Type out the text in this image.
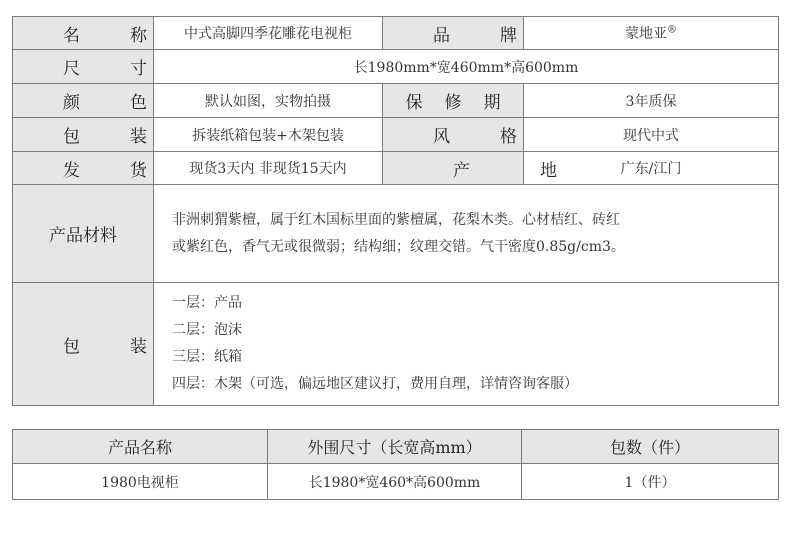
名称	中式高脚四季花雕花电视柜	品牌	蒙地亚®
尺寸	长1980mm*宽460mm*高600mm		
颜色	默认如图，实物拍摄	保修期	3年质保
包装	拆装纸箱包装+木架包装	风格	现代中式
发货	现货3天内 非现货15天内	产地	广东/江门
产品材料	非洲刺猬紫檀，属于红木国标里面的紫檀属，花梨木类。心材桔红、砖红
或紫红色，香气无或很微弱；结构细；纹理交错。气干密度0.85g/cm3。		

包装	一层：产品
二层：泡沫
三层：纸箱
四层：木架（可选，偏远地区建议打，费用自理，详情咨询客服）		
产品名称	外围尺寸（长宽高mm）	包数（件）
1980电视柜	长1980*宽460*高600mm	1（件）
